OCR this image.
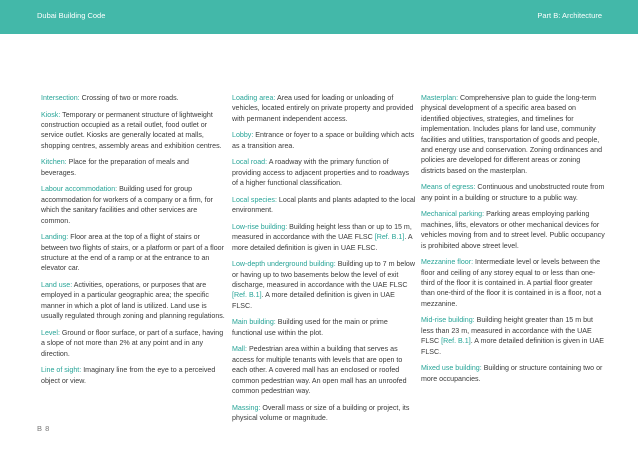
Dubai Building Code	Part B: Architecture

Intersection: Crossing of two or more roads.

Kiosk: Temporary or permanent structure of lightweight construction occupied as a retail outlet, food outlet or service outlet. Kiosks are generally located at malls, shopping centres, assembly areas and exhibition centres.

Kitchen: Place for the preparation of meals and beverages.

Labour accommodation: Building used for group accommodation for workers of a company or a firm, for which the sanitary facilities and other services are common.

Landing: Floor area at the top of a flight of stairs or between two flights of stairs, or a platform or part of a floor structure at the end of a ramp or at the entrance to an elevator car.

Land use: Activities, operations, or purposes that are employed in a particular geographic area; the specific manner in which a plot of land is utilized. Land use is usually regulated through zoning and planning regulations.

Level: Ground or floor surface, or part of a surface, having a slope of not more than 2% at any point and in any direction.

Line of sight: Imaginary line from the eye to a perceived object or view.

Loading area: Area used for loading or unloading of vehicles, located entirely on private property and provided with permanent independent access.

Lobby: Entrance or foyer to a space or building which acts as a transition area.

Local road: A roadway with the primary function of providing access to adjacent properties and to roadways of a higher functional classification.

Local species: Local plants and plants adapted to the local environment.

Low-rise building: Building height less than or up to 15 m, measured in accordance with the UAE FLSC [Ref. B.1]. A more detailed definition is given in UAE FLSC.

Low-depth underground building: Building up to 7 m below or having up to two basements below the level of exit discharge, measured in accordance with the UAE FLSC [Ref. B.1]. A more detailed definition is given in UAE FLSC.

Main building: Building used for the main or prime functional use within the plot.

Mall: Pedestrian area within a building that serves as access for multiple tenants with levels that are open to each other. A covered mall has an enclosed or roofed common pedestrian way. An open mall has an unroofed common pedestrian way.

Massing: Overall mass or size of a building or project, its physical volume or magnitude.

Masterplan: Comprehensive plan to guide the long-term physical development of a specific area based on identified objectives, strategies, and timelines for implementation. Includes plans for land use, community facilities and utilities, transportation of goods and people, and energy use and conservation. Zoning ordinances and policies are developed for different areas or zoning districts based on the masterplan.

Means of egress: Continuous and unobstructed route from any point in a building or structure to a public way.

Mechanical parking: Parking areas employing parking machines, lifts, elevators or other mechanical devices for vehicles moving from and to street level. Public occupancy is prohibited above street level.

Mezzanine floor: Intermediate level or levels between the floor and ceiling of any storey equal to or less than one-third of the floor it is contained in. A partial floor greater than one-third of the floor it is contained in is a floor, not a mezzanine.

Mid-rise building: Building height greater than 15 m but less than 23 m, measured in accordance with the UAE FLSC [Ref. B.1]. A more detailed definition is given in UAE FLSC.

Mixed use building: Building or structure containing two or more occupancies.

B 8
